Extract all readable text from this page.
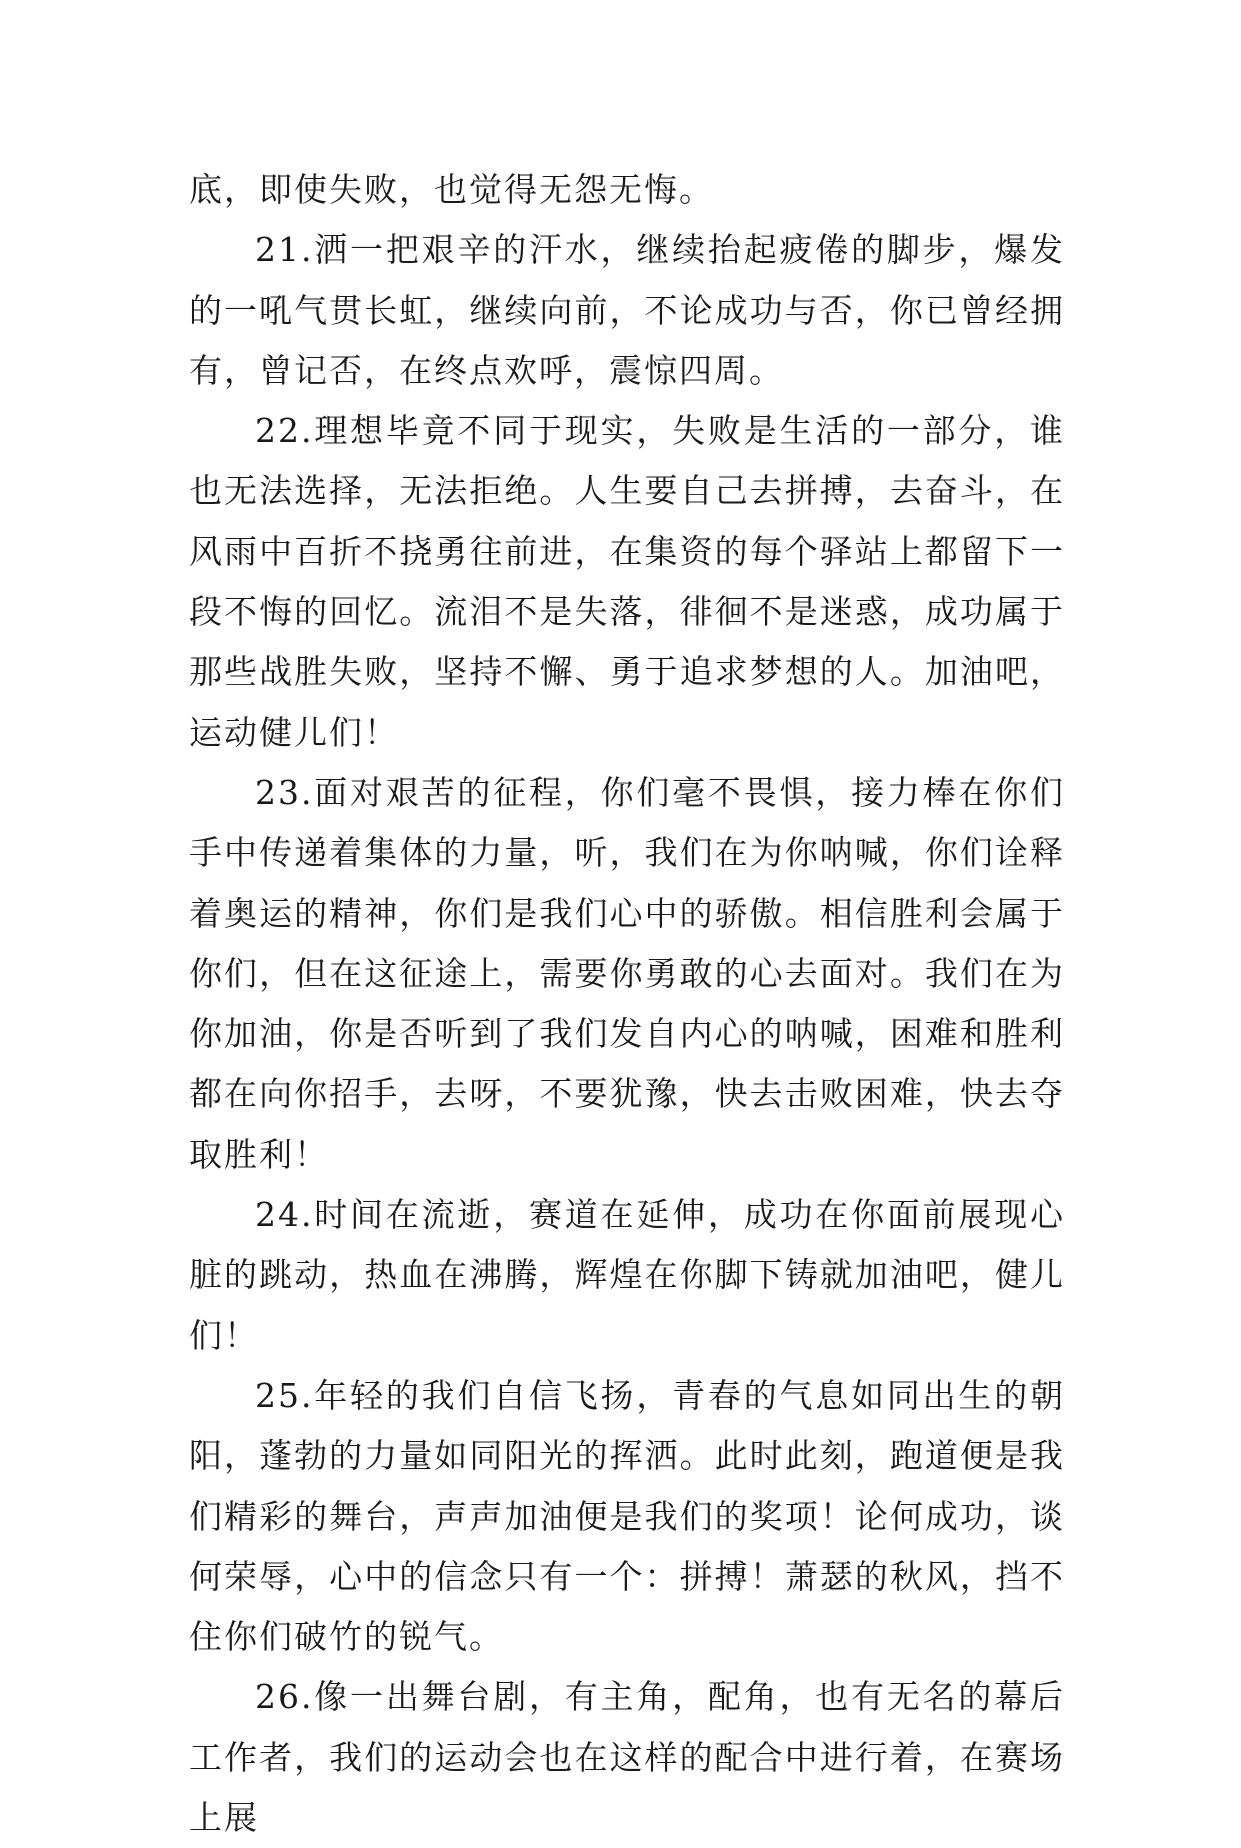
底，即使失败，也觉得无怨无悔。

21.洒一把艰辛的汗水，继续抬起疲倦的脚步，爆发的一吼气贯长虹，继续向前，不论成功与否，你已曾经拥有，曾记否，在终点欢呼，震惊四周。

22.理想毕竟不同于现实，失败是生活的一部分，谁也无法选择，无法拒绝。人生要自己去拼搏，去奋斗，在风雨中百折不挠勇往前进，在集资的每个驿站上都留下一段不悔的回忆。流泪不是失落，徘徊不是迷惑，成功属于那些战胜失败，坚持不懈、勇于追求梦想的人。加油吧，运动健儿们！

23.面对艰苦的征程，你们毫不畏惧，接力棒在你们手中传递着集体的力量，听，我们在为你呐喊，你们诠释着奥运的精神，你们是我们心中的骄傲。相信胜利会属于你们，但在这征途上，需要你勇敢的心去面对。我们在为你加油，你是否听到了我们发自内心的呐喊，困难和胜利都在向你招手，去呀，不要犹豫，快去击败困难，快去夺取胜利！

24.时间在流逝，赛道在延伸，成功在你面前展现心脏的跳动，热血在沸腾，辉煌在你脚下铸就加油吧，健儿们！

25.年轻的我们自信飞扬，青春的气息如同出生的朝阳，蓬勃的力量如同阳光的挥洒。此时此刻，跑道便是我们精彩的舞台，声声加油便是我们的奖项！论何成功，谈何荣辱，心中的信念只有一个：拼搏！萧瑟的秋风，挡不住你们破竹的锐气。

26.像一出舞台剧，有主角，配角，也有无名的幕后工作者，我们的运动会也在这样的配合中进行着，在赛场上展
